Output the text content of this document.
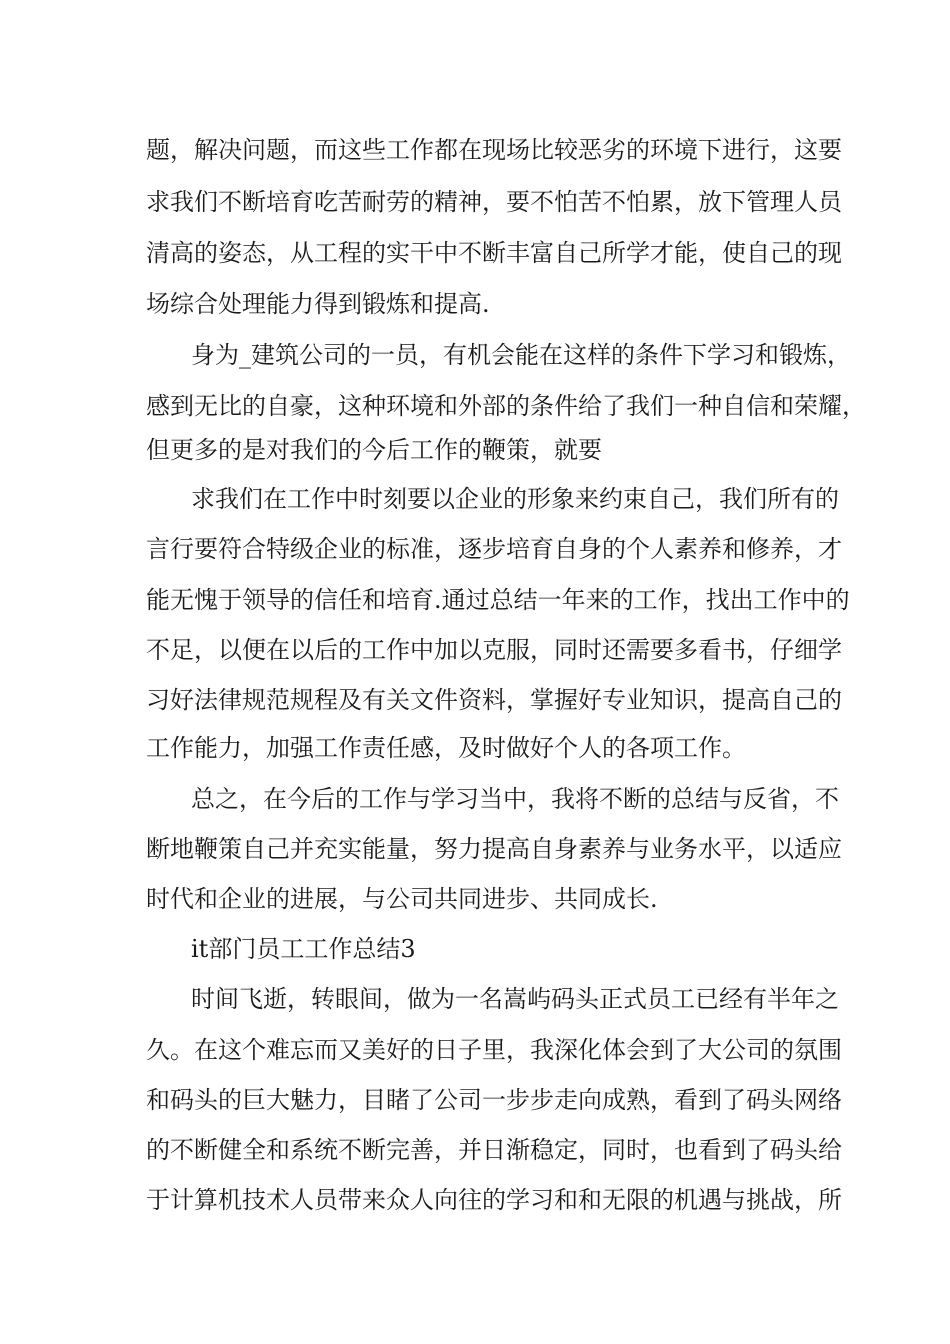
题，解决问题，而这些工作都在现场比较恶劣的环境下进行，这要
求我们不断培育吃苦耐劳的精神，要不怕苦不怕累，放下管理人员
清高的姿态，从工程的实干中不断丰富自己所学才能，使自己的现
场综合处理能力得到锻炼和提高.
身为_建筑公司的一员，有机会能在这样的条件下学习和锻炼，
感到无比的自豪，这种环境和外部的条件给了我们一种自信和荣耀，
但更多的是对我们的今后工作的鞭策，就要
求我们在工作中时刻要以企业的形象来约束自己，我们所有的
言行要符合特级企业的标准，逐步培育自身的个人素养和修养，才
能无愧于领导的信任和培育.通过总结一年来的工作，找出工作中的
不足，以便在以后的工作中加以克服，同时还需要多看书，仔细学
习好法律规范规程及有关文件资料，掌握好专业知识，提高自己的
工作能力，加强工作责任感，及时做好个人的各项工作。
总之，在今后的工作与学习当中，我将不断的总结与反省，不
断地鞭策自己并充实能量，努力提高自身素养与业务水平，以适应
时代和企业的进展，与公司共同进步、共同成长.
it部门员工工作总结3
时间飞逝，转眼间，做为一名嵩屿码头正式员工已经有半年之
久。在这个难忘而又美好的日子里，我深化体会到了大公司的氛围
和码头的巨大魅力，目睹了公司一步步走向成熟，看到了码头网络
的不断健全和系统不断完善，并日渐稳定，同时，也看到了码头给
于计算机技术人员带来众人向往的学习和和无限的机遇与挑战，所
